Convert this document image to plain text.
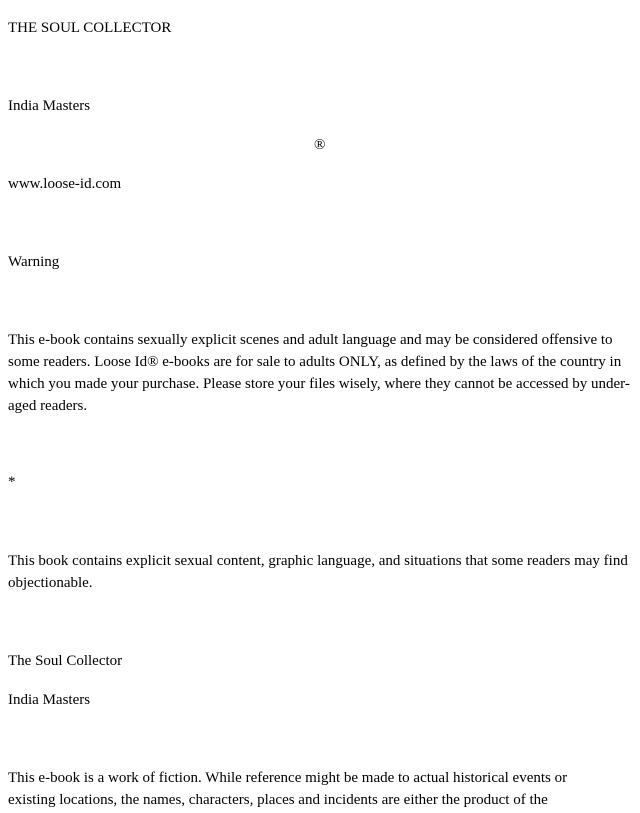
THE SOUL COLLECTOR
India Masters
®
www.loose-id.com
Warning
This e-book contains sexually explicit scenes and adult language and may be considered offensive to some readers. Loose Id® e-books are for sale to adults ONLY, as defined by the laws of the country in which you made your purchase. Please store your files wisely, where they cannot be accessed by under-aged readers.
*
This book contains explicit sexual content, graphic language, and situations that some readers may find objectionable.
The Soul Collector
India Masters
This e-book is a work of fiction. While reference might be made to actual historical events or
existing locations, the names, characters, places and incidents are either the product of the
